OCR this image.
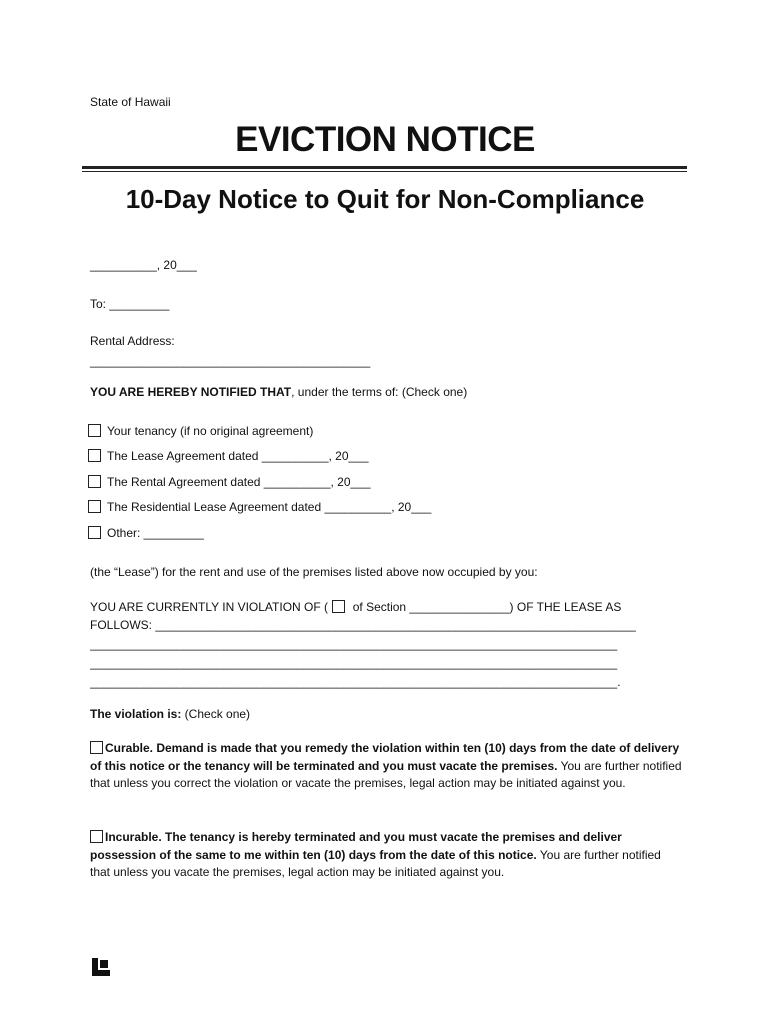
State of Hawaii
EVICTION NOTICE
10-Day Notice to Quit for Non-Compliance
__________, 20___
To: _________
Rental Address:
__________________________________________
YOU ARE HEREBY NOTIFIED THAT, under the terms of: (Check one)
Your tenancy (if no original agreement)
The Lease Agreement dated __________, 20___
The Rental Agreement dated __________, 20___
The Residential Lease Agreement dated __________, 20___
Other: _________
(the “Lease”) for the rent and use of the premises listed above now occupied by you:
YOU ARE CURRENTLY IN VIOLATION OF ( of Section _______________) OF THE LEASE AS
FOLLOWS: ________________________________________________________________________
_______________________________________________________________________________
_______________________________________________________________________________
_______________________________________________________________________________.
The violation is: (Check one)
Curable. Demand is made that you remedy the violation within ten (10) days from the date of delivery of this notice or the tenancy will be terminated and you must vacate the premises. You are further notified that unless you correct the violation or vacate the premises, legal action may be initiated against you.
Incurable. The tenancy is hereby terminated and you must vacate the premises and deliver possession of the same to me within ten (10) days from the date of this notice. You are further notified that unless you vacate the premises, legal action may be initiated against you.
